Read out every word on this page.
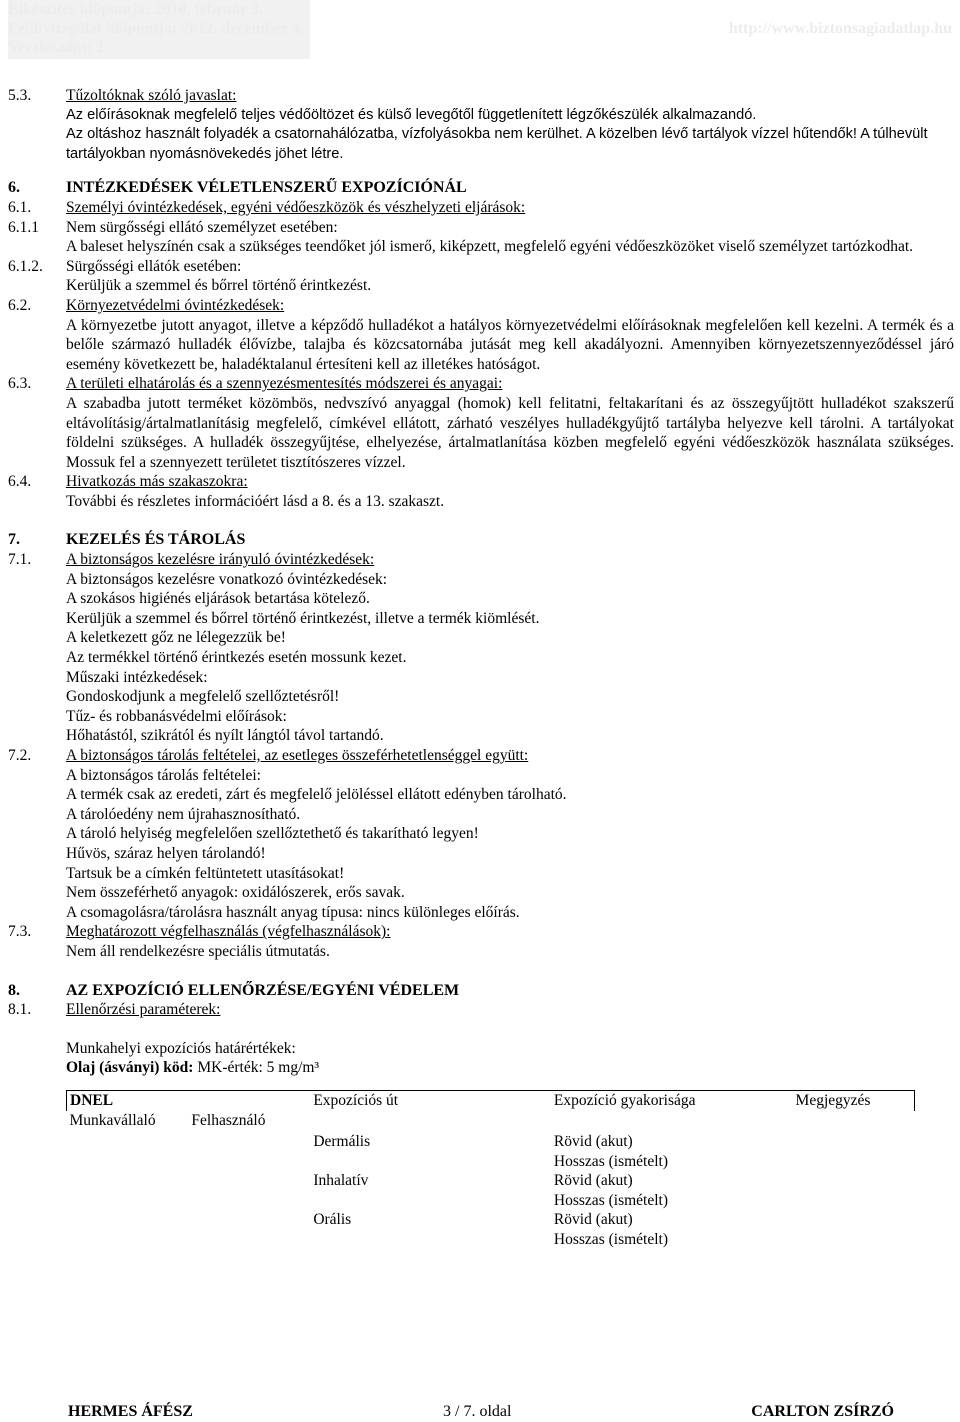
Elkészítés időpontja: 2010. február 3.
Felülvizsgálat időpontja: 2012. december 4.
Verziószám: 2
http://www.biztonsagiadatlap.hu
5.3. Tűzoltóknak szóló javaslat:
Az előírásoknak megfelelő teljes védőöltözet és külső levegőtől függetlenített légzőkészülék alkalmazandó.
Az oltáshoz használt folyadék a csatornahálózatba, vízfolyásokba nem kerülhet. A közelben lévő tartályok vízzel hűtendők! A túlhevült tartályokban nyomásnövekedés jöhet létre.
6.	INTÉZKEDÉSEK VÉLETLENSZERŰ EXPOZÍCIÓNÁL
6.1. Személyi óvintézkedések, egyéni védőeszközök és vészhelyzeti eljárások:
6.1.1 Nem sürgősségi ellátó személyzet esetében:
A baleset helyszínén csak a szükséges teendőket jól ismerő, kiképzett, megfelelő egyéni védőeszközöket viselő személyzet tartózkodhat.
6.1.2. Sürgősségi ellátók esetében:
Kerüljük a szemmel és bőrrel történő érintkezést.
6.2. Környezetvédelmi óvintézkedések:
A környezetbe jutott anyagot, illetve a képződő hulladékot a hatályos környezetvédelmi előírásoknak megfelelően kell kezelni. A termék és a belőle származó hulladék élővízbe, talajba és közcsatornába jutását meg kell akadályozni. Amennyiben környezetszennyeződéssel járó esemény következett be, haladéktalanul értesíteni kell az illetékes hatóságot.
6.3. A területi elhatárolás és a szennyezésmentesítés módszerei és anyagai:
A szabadba jutott terméket közömbös, nedvszívó anyaggal (homok) kell felitatni, feltakarítani és az összegyűjtött hulladékot szakszerű eltávolításig/ártalmatlanításig megfelelő, címkével ellátott, zárható veszélyes hulladékgyűjtő tartályba helyezve kell tárolni. A tartályokat földelni szükséges. A hulladék összegyűjtése, elhelyezése, ártalmatlanítása közben megfelelő egyéni védőeszközök használata szükséges. Mossuk fel a szennyezett területet tisztítószeres vízzel.
6.4. Hivatkozás más szakaszokra:
További és részletes információért lásd a 8. és a 13. szakaszt.
7.	KEZELÉS ÉS TÁROLÁS
7.1. A biztonságos kezelésre irányuló óvintézkedések:
A biztonságos kezelésre vonatkozó óvintézkedések:
A szokásos higiénés eljárások betartása kötelező.
Kerüljük a szemmel és bőrrel történő érintkezést, illetve a termék kiömlését.
A keletkezett gőz ne lélegezzük be!
Az termékkel történő érintkezés esetén mossunk kezet.
Műszaki intézkedések:
Gondoskodjunk a megfelelő szellőztetésről!
Tűz- és robbanásvédelmi előírások:
Hőhatástól, szikrától és nyílt lángtól távol tartandó.
7.2. A biztonságos tárolás feltételei, az esetleges összeférhetetlenséggel együtt:
A biztonságos tárolás feltételei:
A termék csak az eredeti, zárt és megfelelő jelöléssel ellátott edényben tárolható.
A tárolóedény nem újrahasznosítható.
A tároló helyiség megfelelően szellőztethető és takarítható legyen!
Hűvös, száraz helyen tárolandó!
Tartsuk be a címkén feltüntetett utasításokat!
Nem összeférhető anyagok: oxidálószerek, erős savak.
A csomagolásra/tárolásra használt anyag típusa: nincs különleges előírás.
7.3. Meghatározott végfelhasználás (végfelhasználások):
Nem áll rendelkezésre speciális útmutatás.
8.	AZ EXPOZÍCIÓ ELLENŐRZÉSE/EGYÉNI VÉDELEM
8.1. Ellenőrzési paraméterek:
Munkahelyi expozíciós határértékek:
Olaj (ásványi) köd: MK-érték: 5 mg/m³
DNEL		Expozíciós út	Expozíció gyakorisága	Megjegyzés
Munkavállaló	Felhasználó			

		Dermális	Rövid (akut)
Hosszas (ismételt)	

		Inhalatív	Rövid (akut)
Hosszas (ismételt)	

		Orális	Rövid (akut)
Hosszas (ismételt)	

HERMES ÁFÉSZ	3 / 7. oldal	CARLTON ZSÍRZÓ
